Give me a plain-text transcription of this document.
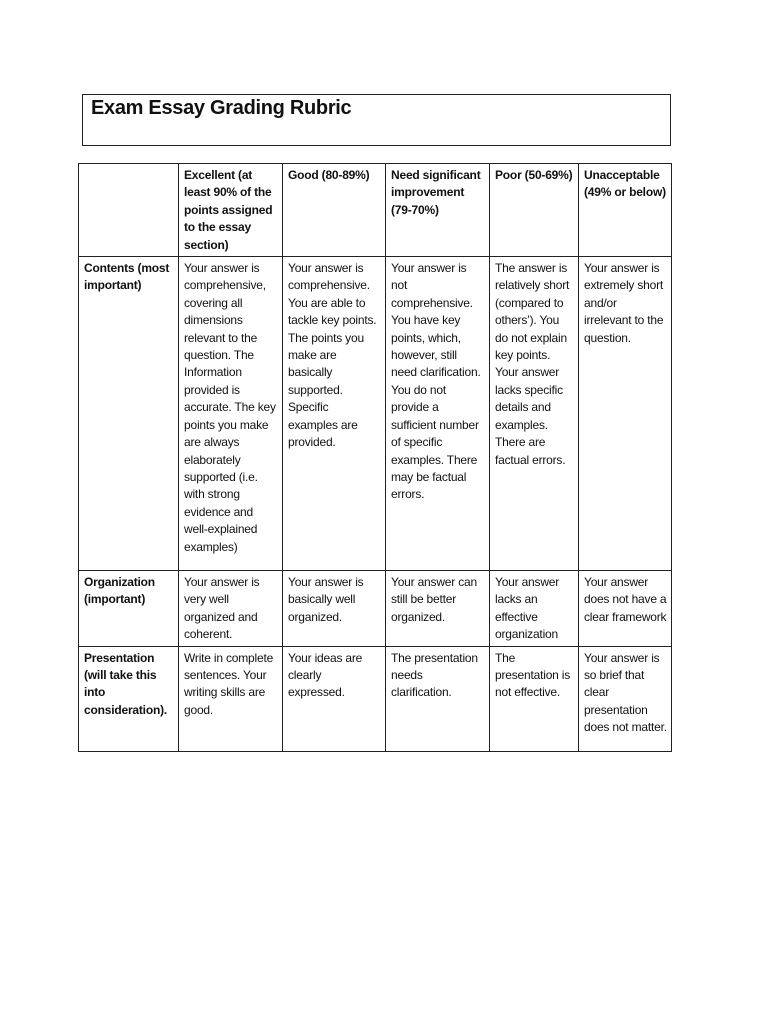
Exam Essay Grading Rubric
	Excellent (at least 90% of the points assigned to the essay section)	Good (80-89%)	Need significant improvement (79-70%)	Poor (50-69%)	Unacceptable (49% or below)
Contents (most important)	Your answer is comprehensive, covering all dimensions relevant to the question. The Information provided is accurate. The key points you make are always elaborately supported (i.e. with strong evidence and well-explained examples)	Your answer is comprehensive. You are able to tackle key points. The points you make are basically supported. Specific examples are provided.	Your answer is not comprehensive. You have key points, which, however, still need clarification. You do not provide a sufficient number of specific examples. There may be factual errors.	The answer is relatively short (compared to others’). You do not explain key points. Your answer lacks specific details and examples. There are factual errors.	Your answer is extremely short and/or irrelevant to the question.
Organization (important)	Your answer is very well organized and coherent.	Your answer is basically well organized.	Your answer can still be better organized.	Your answer lacks an effective organization	Your answer does not have a clear framework
Presentation (will take this into consideration).	Write in complete sentences. Your writing skills are good.	Your ideas are clearly expressed.	The presentation needs clarification.	The presentation is not effective.	Your answer is so brief that clear presentation does not matter.
